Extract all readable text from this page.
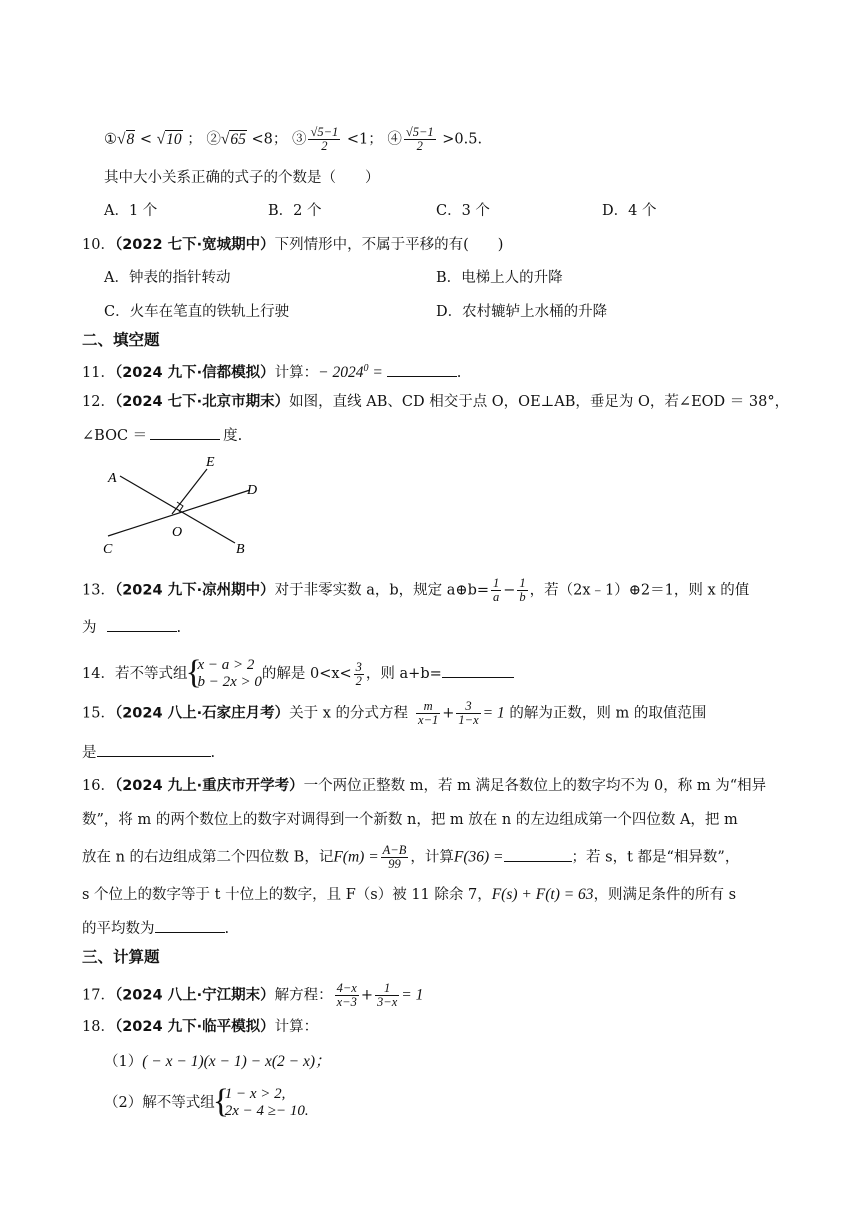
①√8 < √10 ； ②√65 <8； ③ $\frac{√5-1}{2} <1$； ④ $\frac{√5-1}{2} >0.5$.
其中大小关系正确的式子的个数是（　　）
A．1 个	B．2 个	C．3 个	D．4 个
10．（2022 七下·宽城期中）下列情形中，不属于平移的有(　　)
A．钟表的指针转动	B．电梯上人的升降
C．火车在笔直的铁轨上行驶	D．农村辘轳上水桶的升降
二、填空题
11．（2024 九下·信都模拟）计算：− $2024^0$ =	.
12．（2024 七下·北京市期末）如图，直线 AB、CD 相交于点 O，OE⊥AB，垂足为 O，若∠EOD ＝ 38°，
∠BOC ＝	度.
A
E
D
O
C	B
13．（2024 九下·凉州期中）对于非零实数 a，b，规定 a⊕b= $\frac{1}{a} - \frac{1}{b}$ ，若（2x﹣1）⊕2＝1，则 x 的值
为	.
14．若不等式组
{ x − a > 2
b − 2x > 0 的解是 $0<x< \frac{3}{2}$ ，则 a+b=
15．（2024 八上·石家庄月考）关于 x 的分式方程 $\frac{m}{x-1} + \frac{3}{1-x} = 1$ 的解为正数，则 m 的取值范围
是	.
16．（2024 九上·重庆市开学考）一个两位正整数 m，若 m 满足各数位上的数字均不为 0，称 m 为“相异
数”，将 m 的两个数位上的数字对调得到一个新数 n，把 m 放在 n 的左边组成第一个四位数 A，把 m
放在 n 的右边组成第二个四位数 B，记$F(m) = \frac{A-B}{99}$ ，计算F(36) =	；若 s，t 都是“相异数”，
s 个位上的数字等于 t 十位上的数字，且 F（s）被 11 除余 7，F(s) + F(t) = 63，则满足条件的所有 s
的平均数为	.
三、计算题
17．（2024 八上·宁江期末）解方程： $\frac{4-x}{x-3} + \frac{1}{3-x} = 1$
18．（2024 九下·临平模拟）计算：
（1）( − x − 1)(x − 1) − x(2 − x)；
（2）解不等式组
{ 1 − x > 2,
2x − 4 ≥− 10.
